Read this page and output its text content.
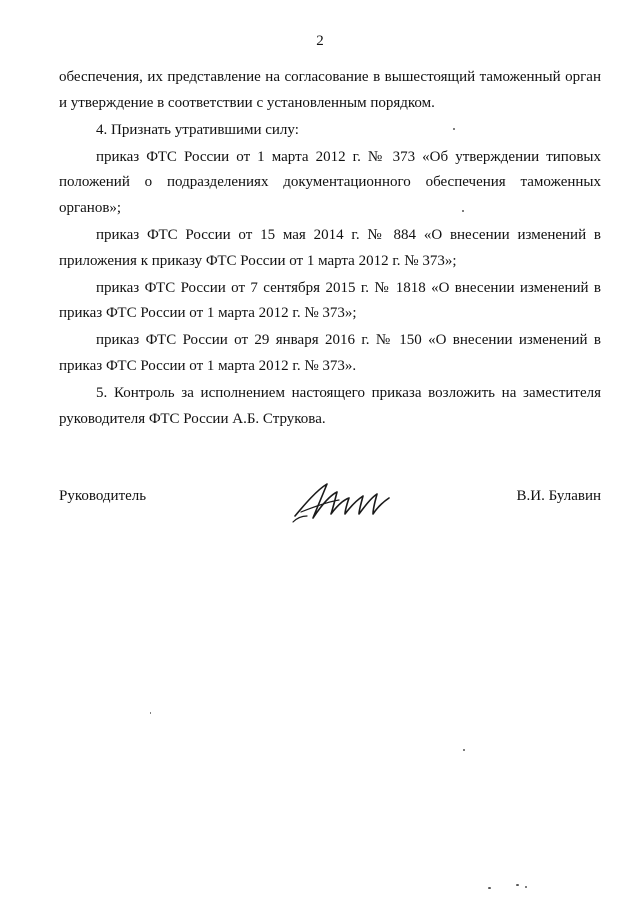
2

обеспечения, их представление на согласование в вышестоящий таможенный орган и утверждение в соответствии с установленным порядком.

4. Признать утратившими силу:

приказ ФТС России от 1 марта 2012 г. № 373 «Об утверждении типовых положений о подразделениях документационного обеспечения таможенных органов»;

приказ ФТС России от 15 мая 2014 г. № 884 «О внесении изменений в приложения к приказу ФТС России от 1 марта 2012 г. № 373»;

приказ ФТС России от 7 сентября 2015 г. № 1818 «О внесении изменений в приказ ФТС России от 1 марта 2012 г. № 373»;

приказ ФТС России от 29 января 2016 г. № 150 «О внесении изменений в приказ ФТС России от 1 марта 2012 г. № 373».

5. Контроль за исполнением настоящего приказа возложить на заместителя руководителя ФТС России А.Б. Струкова.

Руководитель	В.И. Булавин
